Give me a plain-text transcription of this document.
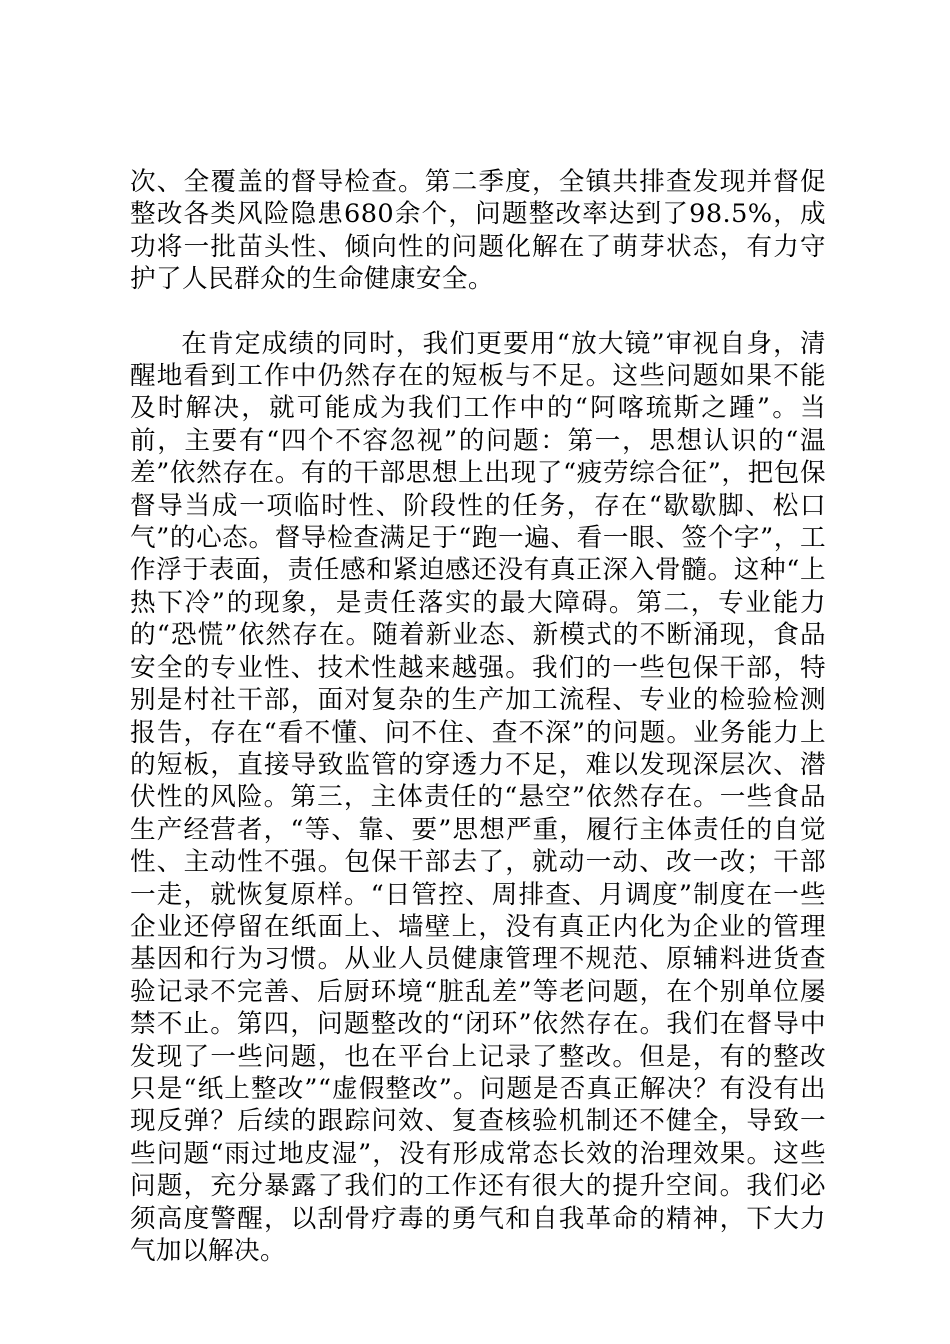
次、全覆盖的督导检查。第二季度，全镇共排查发现并督促整改各类风险隐患680余个，问题整改率达到了98.5%，成功将一批苗头性、倾向性的问题化解在了萌芽状态，有力守护了人民群众的生命健康安全。

在肯定成绩的同时，我们更要用“放大镜”审视自身，清醒地看到工作中仍然存在的短板与不足。这些问题如果不能及时解决，就可能成为我们工作中的“阿喀琉斯之踵”。当前，主要有“四个不容忽视”的问题：第一，思想认识的“温差”依然存在。有的干部思想上出现了“疲劳综合征”，把包保督导当成一项临时性、阶段性的任务，存在“歇歇脚、松口气”的心态。督导检查满足于“跑一遍、看一眼、签个字”，工作浮于表面，责任感和紧迫感还没有真正深入骨髓。这种“上热下冷”的现象，是责任落实的最大障碍。第二，专业能力的“恐慌”依然存在。随着新业态、新模式的不断涌现，食品安全的专业性、技术性越来越强。我们的一些包保干部，特别是村社干部，面对复杂的生产加工流程、专业的检验检测报告，存在“看不懂、问不住、查不深”的问题。业务能力上的短板，直接导致监管的穿透力不足，难以发现深层次、潜伏性的风险。第三，主体责任的“悬空”依然存在。一些食品生产经营者，“等、靠、要”思想严重，履行主体责任的自觉性、主动性不强。包保干部去了，就动一动、改一改；干部一走，就恢复原样。“日管控、周排查、月调度”制度在一些企业还停留在纸面上、墙壁上，没有真正内化为企业的管理基因和行为习惯。从业人员健康管理不规范、原辅料进货查验记录不完善、后厨环境“脏乱差”等老问题，在个别单位屡禁不止。第四，问题整改的“闭环”依然存在。我们在督导中发现了一些问题，也在平台上记录了整改。但是，有的整改只是“纸上整改”“虚假整改”。问题是否真正解决？有没有出现反弹？后续的跟踪问效、复查核验机制还不健全，导致一些问题“雨过地皮湿”，没有形成常态长效的治理效果。这些问题，充分暴露了我们的工作还有很大的提升空间。我们必须高度警醒，以刮骨疗毒的勇气和自我革命的精神，下大力气加以解决。
